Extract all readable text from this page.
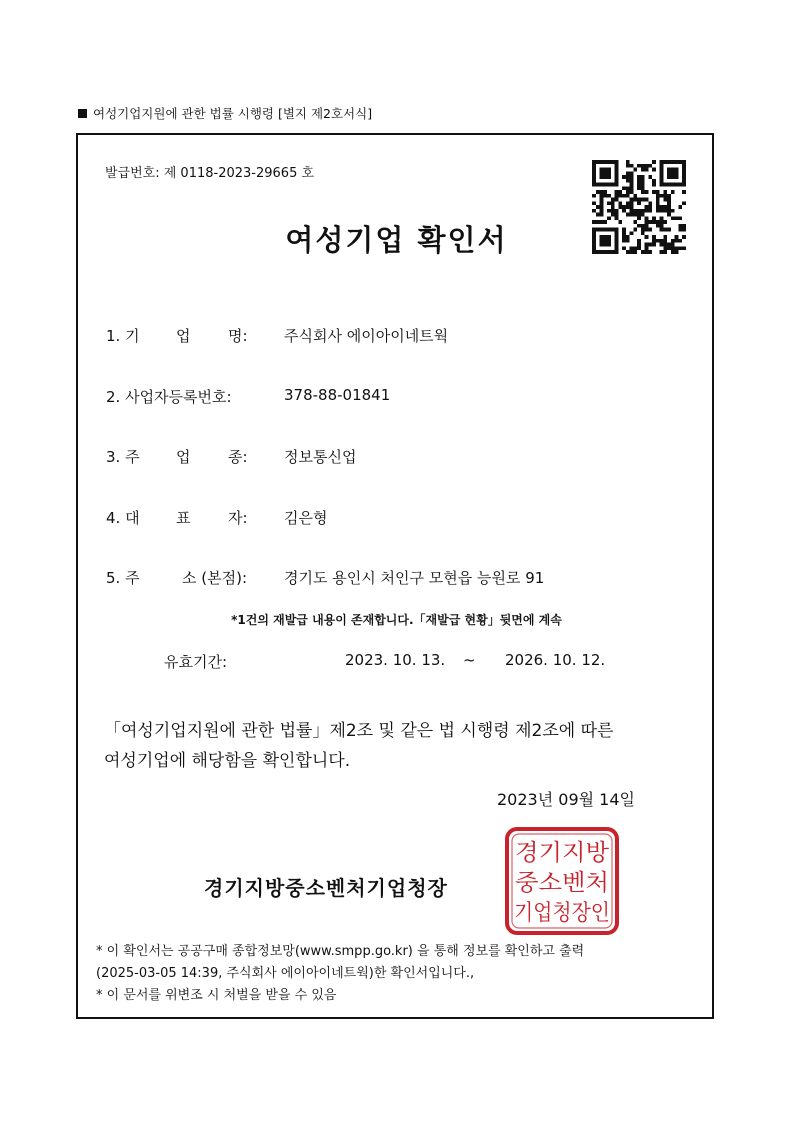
여성기업지원에 관한 법률 시행령 [별지 제2호서식]
발급번호: 제 0118-2023-29665 호
여성기업 확인서
1. 기 업	명: 주식회사 에이아이네트웍
2. 사업자등록번호:	378-88-01841
3. 주 업	종: 정보통신업
4. 대 표	자: 김은형
5. 주	소 (본점): 경기도 용인시 처인구 모현읍 능원로 91
*1건의 재발급 내용이 존재합니다.「재발급 현황」뒷면에 계속
유효기간:	2023. 10. 13. ~ 2026. 10. 12.
「여성기업지원에 관한 법률」제2조 및 같은 법 시행령 제2조에 따른
여성기업에 해당함을 확인합니다.
2023년 09월 14일
경기지방중소벤처기업청장
경기지방
중소벤처
기업청장인
* 이 확인서는 공공구매 종합정보망(www.smpp.go.kr) 을 통해 정보를 확인하고 출력
(2025-03-05 14:39, 주식회사 에이아이네트웍)한 확인서입니다.,
* 이 문서를 위변조 시 처벌을 받을 수 있음
